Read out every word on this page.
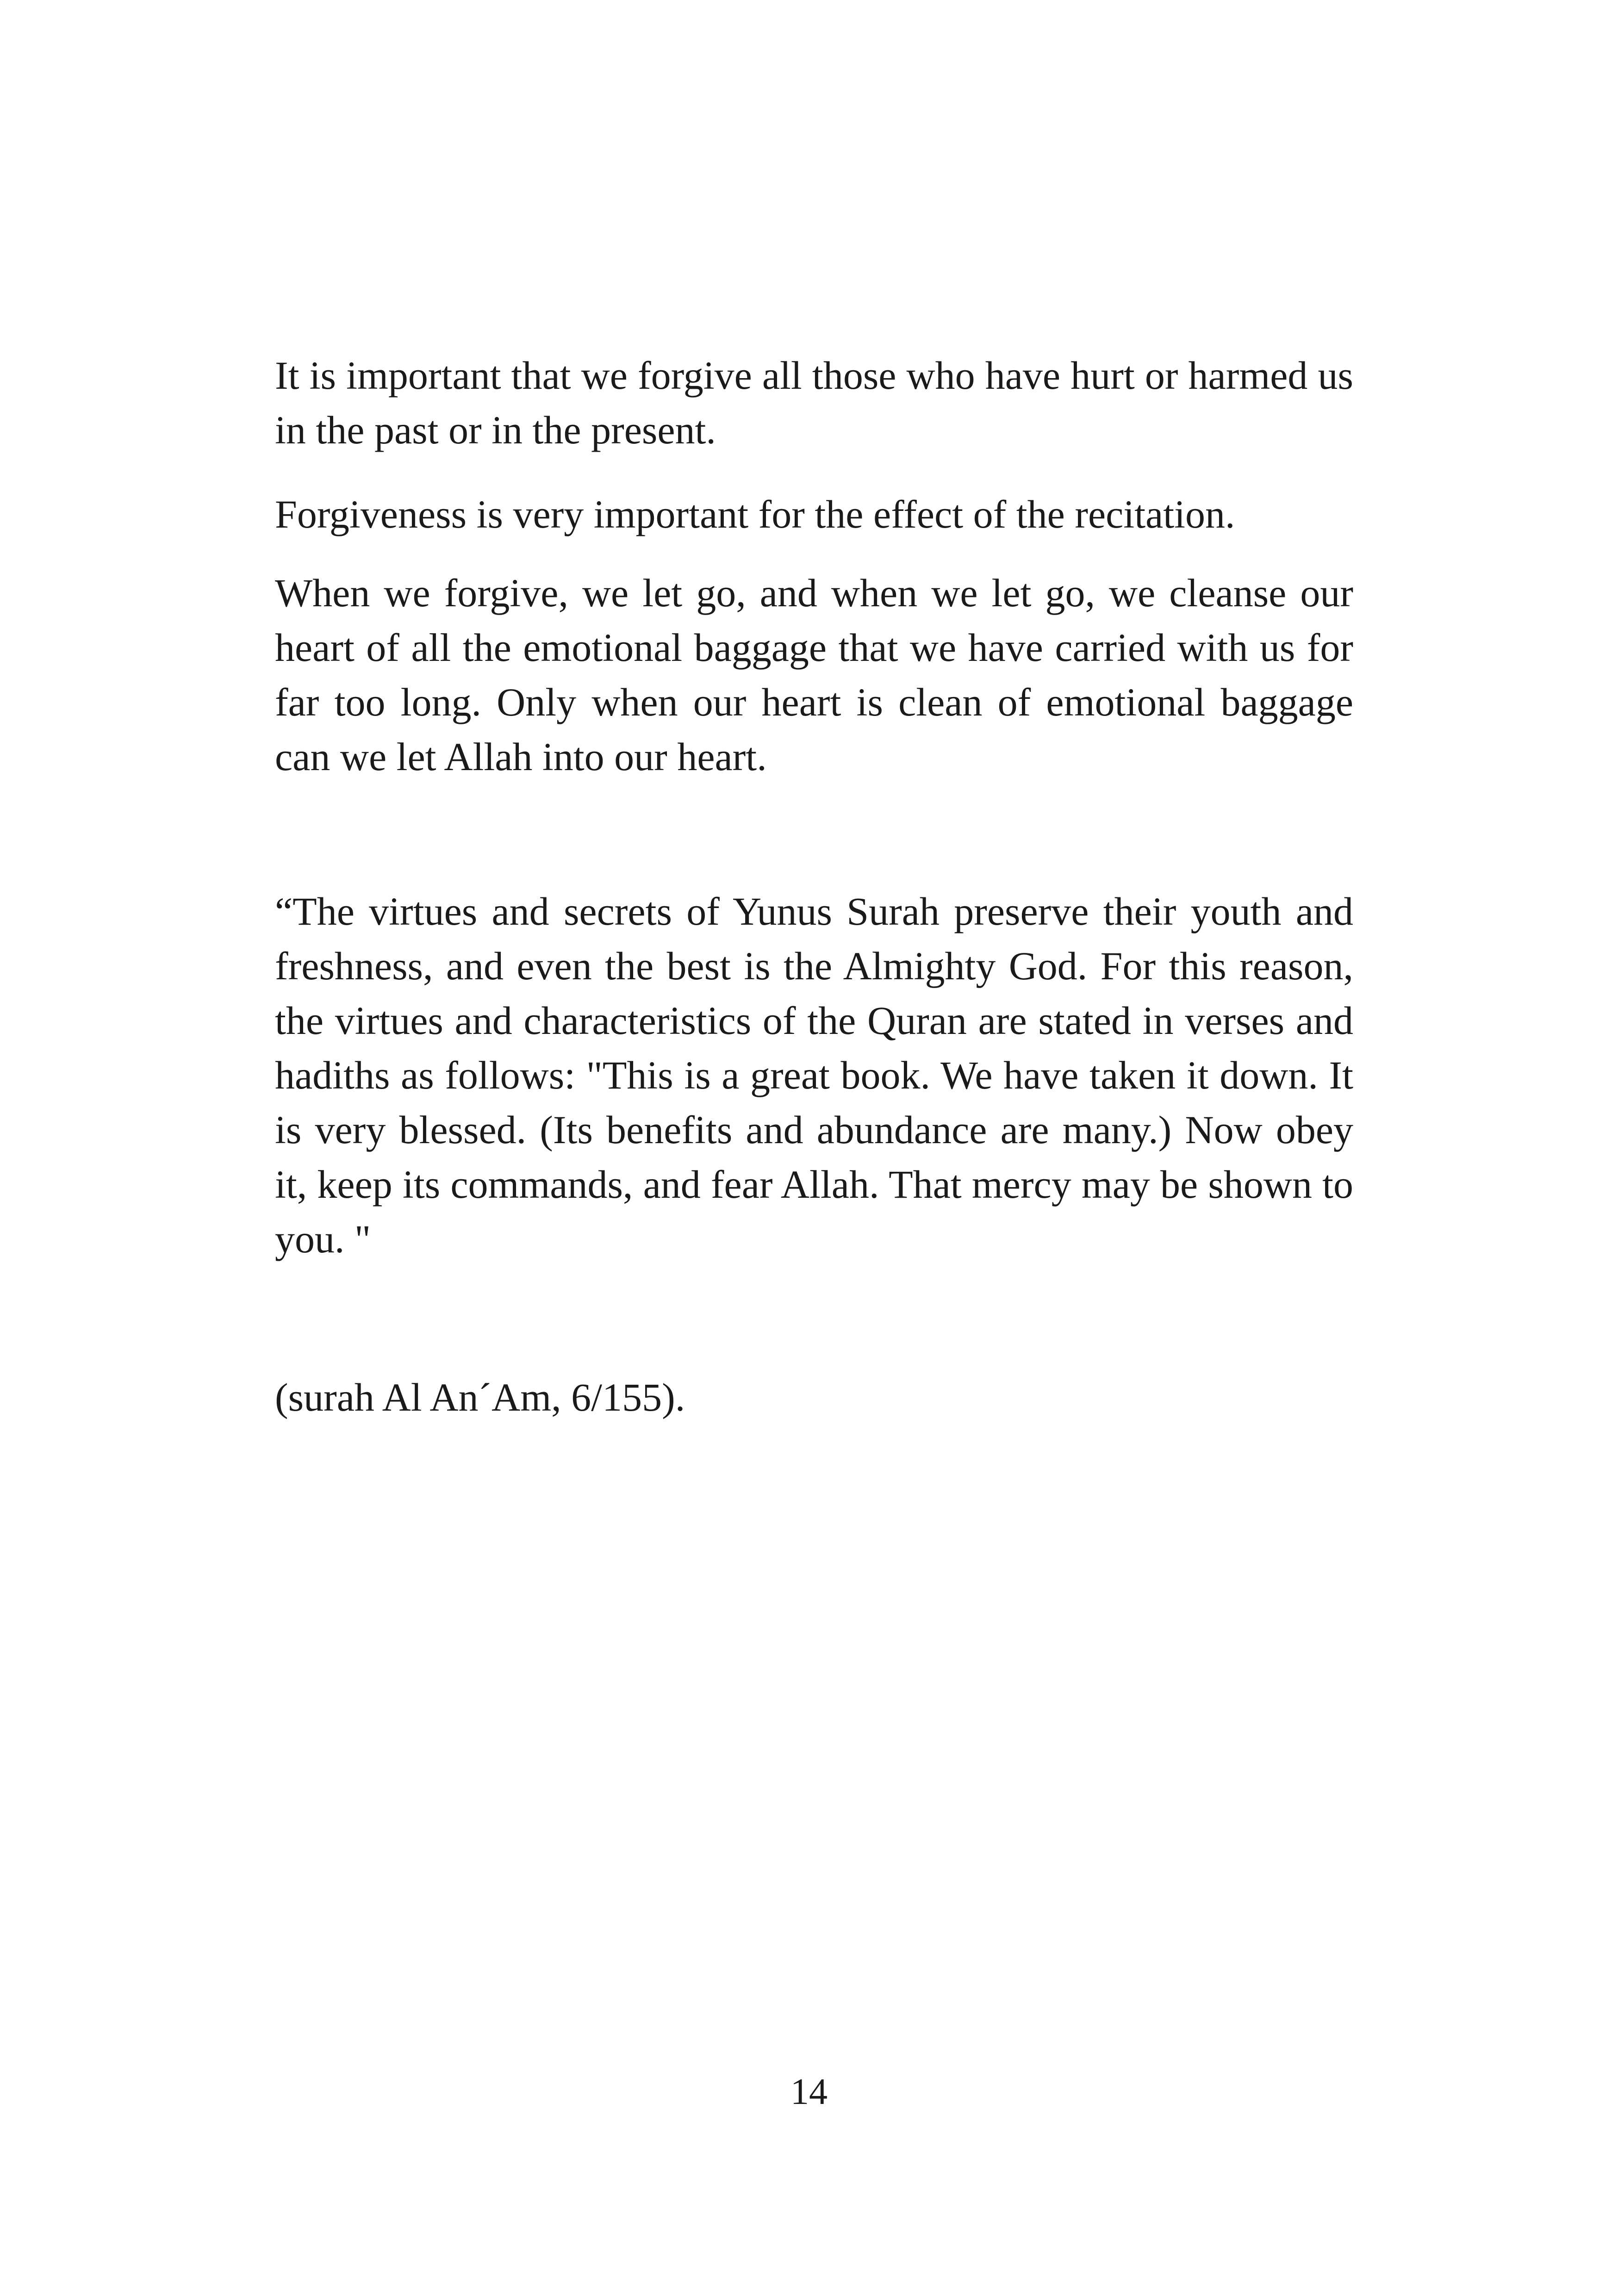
It is important that we forgive all those who have hurt or harmed us in the past or in the present.

Forgiveness is very important for the effect of the recitation.

When we forgive, we let go, and when we let go, we cleanse our heart of all the emotional baggage that we have carried with us for far too long. Only when our heart is clean of emotional baggage can we let Allah into our heart.

“The virtues and secrets of Yunus Surah preserve their youth and freshness, and even the best is the Almighty God. For this reason, the virtues and characteristics of the Quran are stated in verses and hadiths as follows: "This is a great book. We have taken it down. It is very blessed. (Its benefits and abundance are many.) Now obey it, keep its commands, and fear Allah. That mercy may be shown to you. "

(surah Al An´Am, 6/155).

14
